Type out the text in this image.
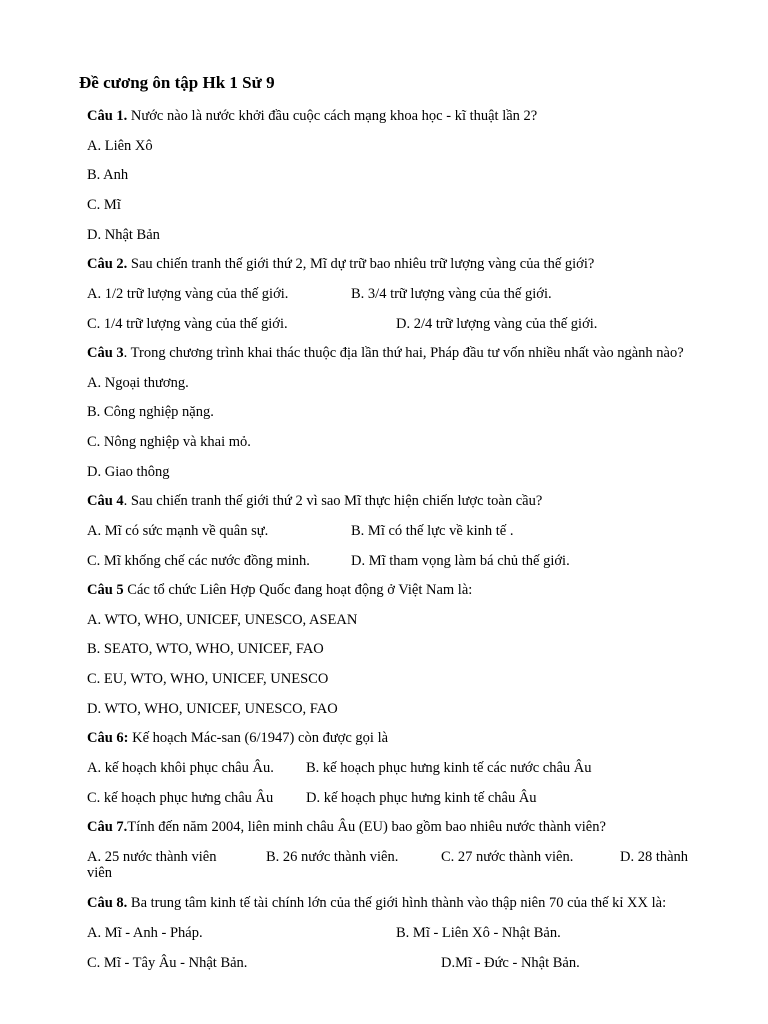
Đề cương ôn tập Hk 1 Sử 9
Câu 1. Nước nào là nước khởi đầu cuộc cách mạng khoa học - kĩ thuật lần 2?
A. Liên Xô
B. Anh
C. Mĩ
D. Nhật Bản
Câu 2. Sau chiến tranh thế giới thứ 2, Mĩ dự trữ bao nhiêu trữ lượng vàng của thế giới?
A. 1/2 trữ lượng vàng của thế giới.	B. 3/4 trữ lượng vàng của thế giới.
C. 1/4 trữ lượng vàng của thế giới.	D. 2/4 trữ lượng vàng của thế giới.
Câu 3. Trong chương trình khai thác thuộc địa lần thứ hai, Pháp đầu tư vốn nhiều nhất vào ngành nào?
A. Ngoại thương.
B. Công nghiệp nặng.
C. Nông nghiệp và khai mỏ.
D. Giao thông
Câu 4. Sau chiến tranh thế giới thứ 2 vì sao Mĩ thực hiện chiến lược toàn cầu?
A. Mĩ có sức mạnh về quân sự.	B. Mĩ có thế lực về kinh tế .
C. Mĩ khống chế các nước đồng minh.	D. Mĩ tham vọng làm bá chủ thế giới.
Câu 5 Các tổ chức Liên Hợp Quốc đang hoạt động ở Việt Nam là:
A. WTO, WHO, UNICEF, UNESCO, ASEAN
B. SEATO, WTO, WHO, UNICEF, FAO
C. EU, WTO, WHO, UNICEF, UNESCO
D. WTO, WHO, UNICEF, UNESCO, FAO
Câu 6: Kế hoạch Mác-san (6/1947) còn được gọi là
A. kế hoạch khôi phục châu Âu. B. kế hoạch phục hưng kinh tế các nước châu Âu
C. kế hoạch phục hưng châu Âu D. kế hoạch phục hưng kinh tế châu Âu
Câu 7.Tính đến năm 2004, liên minh châu Âu (EU) bao gồm bao nhiêu nước thành viên?
A. 25 nước thành viên	B. 26 nước thành viên.	C. 27 nước thành viên.	D. 28 thành
viên
Câu 8. Ba trung tâm kinh tế tài chính lớn của thế giới hình thành vào thập niên 70 của thế kỉ XX là:
A. Mĩ - Anh - Pháp.	B. Mĩ - Liên Xô - Nhật Bản.
C. Mĩ - Tây Âu - Nhật Bản.	D.Mĩ - Đức - Nhật Bản.
